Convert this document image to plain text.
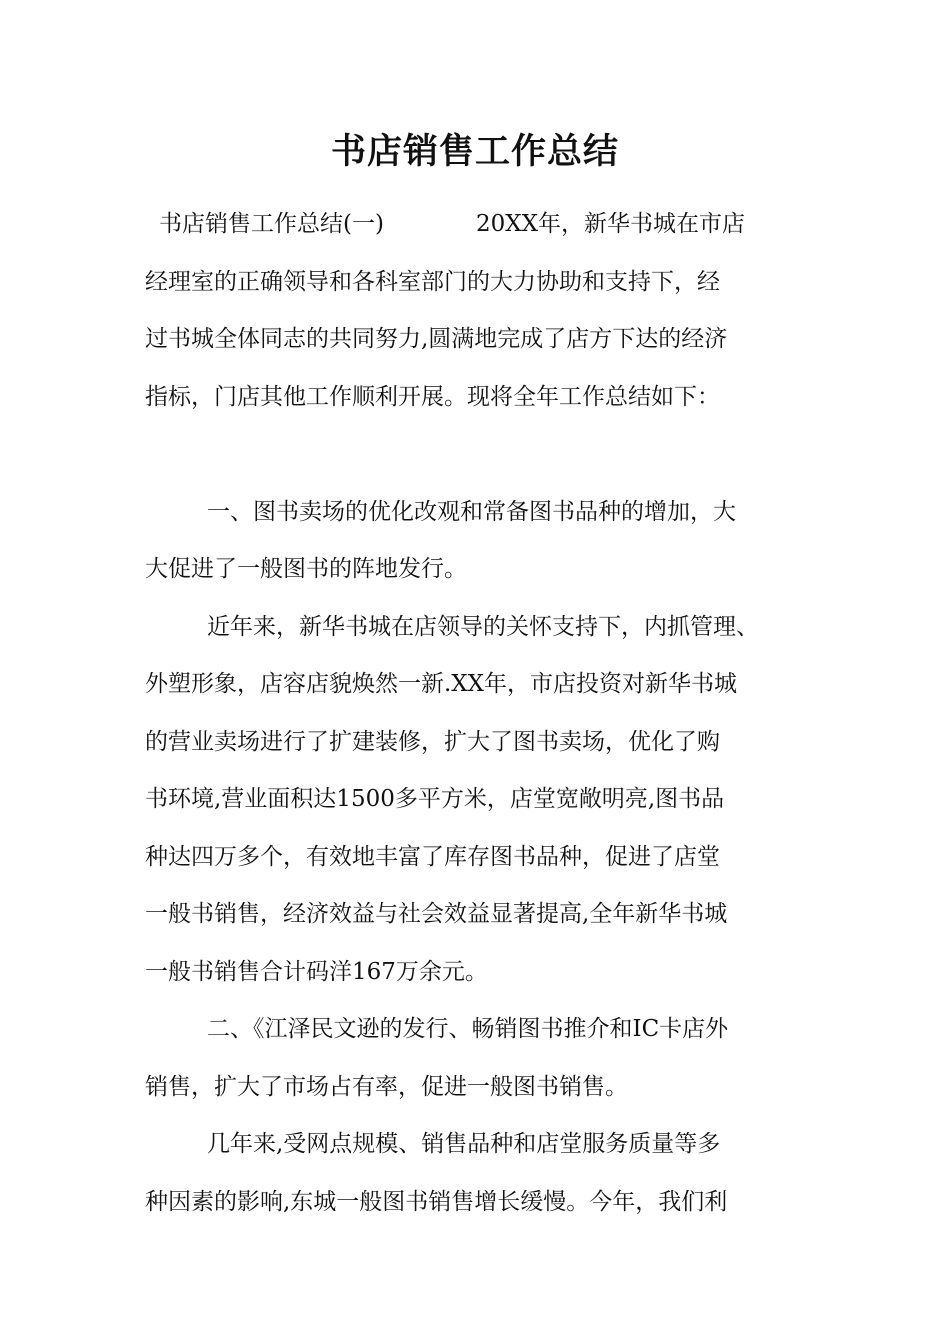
书店销售工作总结
书店销售工作总结(一)	20XX年，新华书城在市店
经理室的正确领导和各科室部门的大力协助和支持下，经
过书城全体同志的共同努力,圆满地完成了店方下达的经济
指标，门店其他工作顺利开展。现将全年工作总结如下：
一、图书卖场的优化改观和常备图书品种的增加，大
大促进了一般图书的阵地发行。
近年来，新华书城在店领导的关怀支持下，内抓管理、
外塑形象，店容店貌焕然一新.XX年，市店投资对新华书城
的营业卖场进行了扩建装修，扩大了图书卖场，优化了购
书环境,营业面积达1500多平方米，店堂宽敞明亮,图书品
种达四万多个，有效地丰富了库存图书品种，促进了店堂
一般书销售，经济效益与社会效益显著提高,全年新华书城
一般书销售合计码洋167万余元。
二、《江泽民文逊的发行、畅销图书推介和IC卡店外
销售，扩大了市场占有率，促进一般图书销售。
几年来,受网点规模、销售品种和店堂服务质量等多
种因素的影响,东城一般图书销售增长缓慢。今年，我们利
